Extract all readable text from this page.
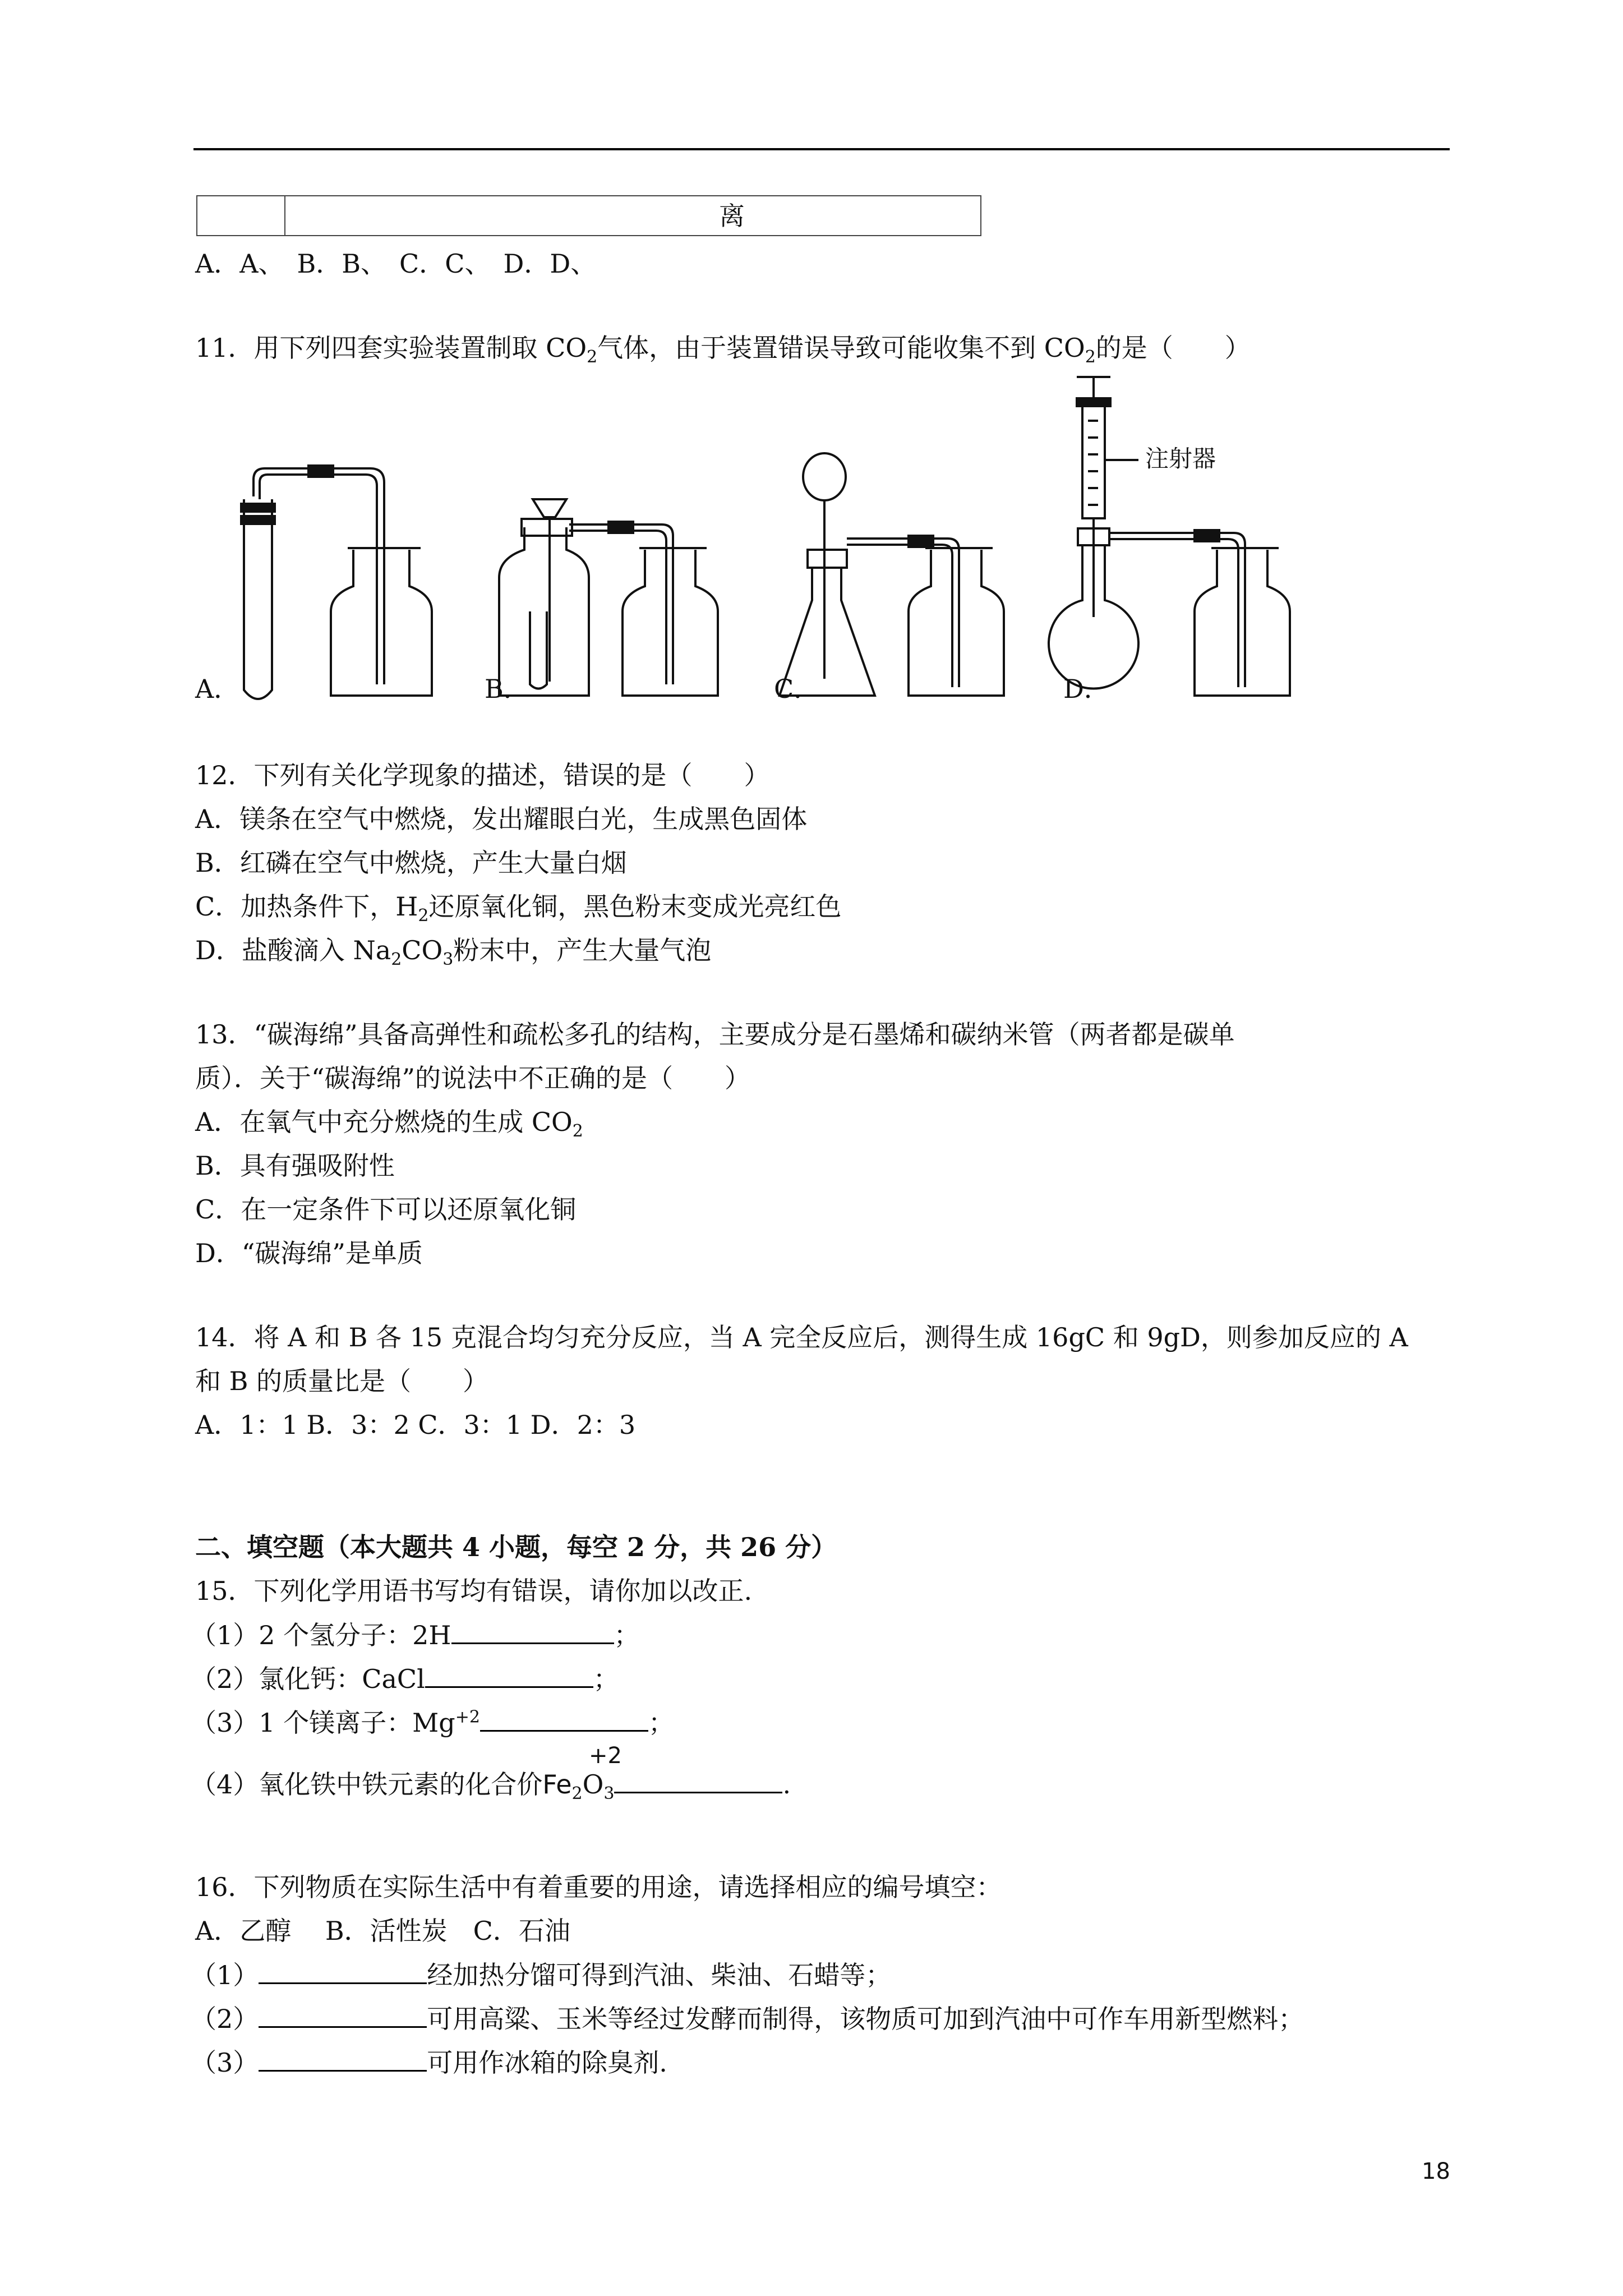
离
A．A、　B．B、　C．C、　D．D、
11．用下列四套实验装置制取 $CO_2$气体，由于装置错误导致可能收集不到 $CO_2$的是（　　）
注射器
A．	B．	C．	D．
12．下列有关化学现象的描述，错误的是（　　）
A．镁条在空气中燃烧，发出耀眼白光，生成黑色固体
B．红磷在空气中燃烧，产生大量白烟
C．加热条件下，$H_2$还原氧化铜，黑色粉末变成光亮红色
D．盐酸滴入 $Na_2CO_3$粉末中，产生大量气泡
13．“碳海绵”具备高弹性和疏松多孔的结构，主要成分是石墨烯和碳纳米管（两者都是碳单
质）．关于“碳海绵”的说法中不正确的是（　　）
A．在氧气中充分燃烧的生成 $CO_2$
B．具有强吸附性
C．在一定条件下可以还原氧化铜
D．“碳海绵”是单质
14．将 A 和 B 各 15 克混合均匀充分反应，当 A 完全反应后，测得生成 16gC 和 9gD，则参加反应的 A
和 B 的质量比是（　　）
A．1：1 B．3：2 C．3：1 D．2：3
二、填空题（本大题共 4 小题，每空 2 分，共 26 分）
15．下列化学用语书写均有错误，请你加以改正.
（1）2 个氢分子：2H	；
（2）氯化钙：CaCl	；
（3）1 个镁离子：$Mg^{+2}$	；
+2
（4）氧化铁中铁元素的化合价$Fe_2O_3$	.
16．下列物质在实际生活中有着重要的用途，请选择相应的编号填空：
A．乙醇　 B．活性炭　C．石油
（1）	经加热分馏可得到汽油、柴油、石蜡等；
（2）	可用高粱、玉米等经过发酵而制得，该物质可加到汽油中可作车用新型燃料；
（3）	可用作冰箱的除臭剂.
18
